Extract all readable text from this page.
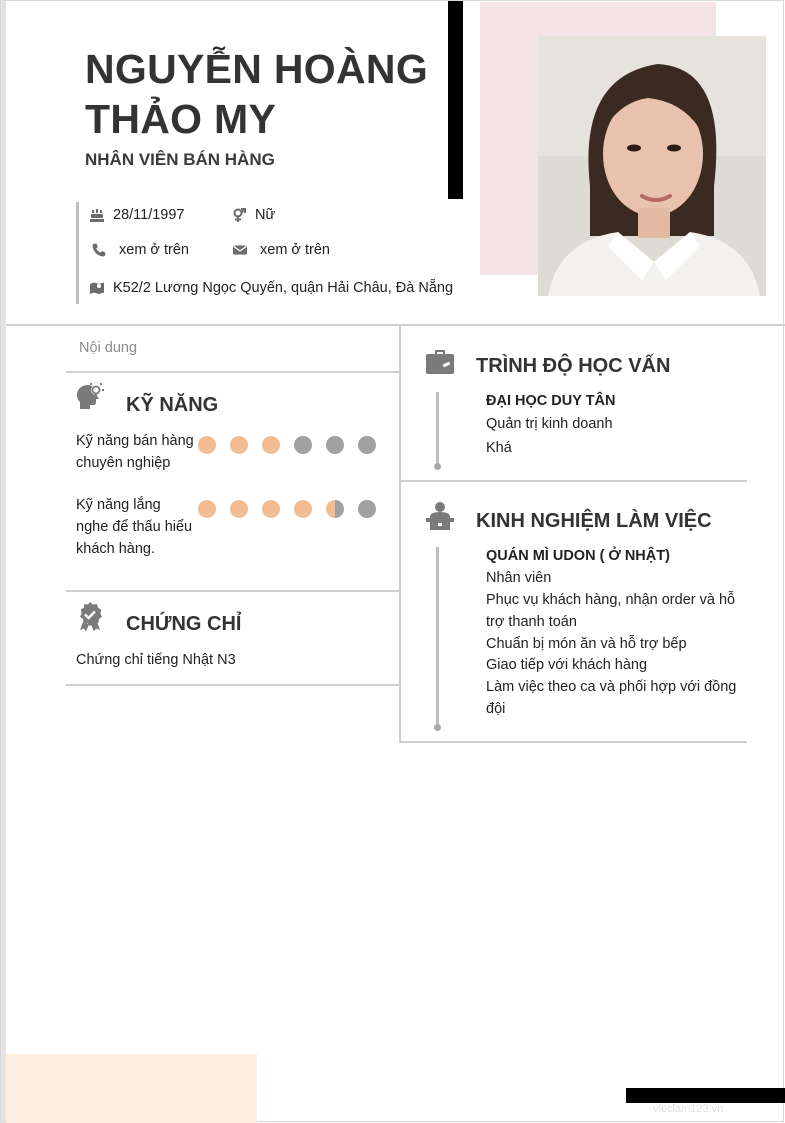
NGUYỄN HOÀNG
THẢO MY
NHÂN VIÊN BÁN HÀNG
28/11/1997	Nữ
xem ở trên	xem ở trên
K52/2 Lương Ngọc Quyến, quận Hải Châu, Đà Nẵng
Nội dung
KỸ NĂNG
Kỹ năng bán hàng chuyên nghiệp
Kỹ năng lắng nghe để thấu hiểu khách hàng.
CHỨNG CHỈ
Chứng chỉ tiếng Nhật N3
TRÌNH ĐỘ HỌC VẤN
ĐẠI HỌC DUY TÂN
Quản trị kinh doanh
Khá
KINH NGHIỆM LÀM VIỆC
QUÁN MÌ UDON ( Ở NHẬT)
Nhân viên
Phục vụ khách hàng, nhận order và hỗ trợ thanh toán
Chuẩn bị món ăn và hỗ trợ bếp
Giao tiếp với khách hàng
Làm việc theo ca và phối hợp với đồng đội
vieclam123.vn
